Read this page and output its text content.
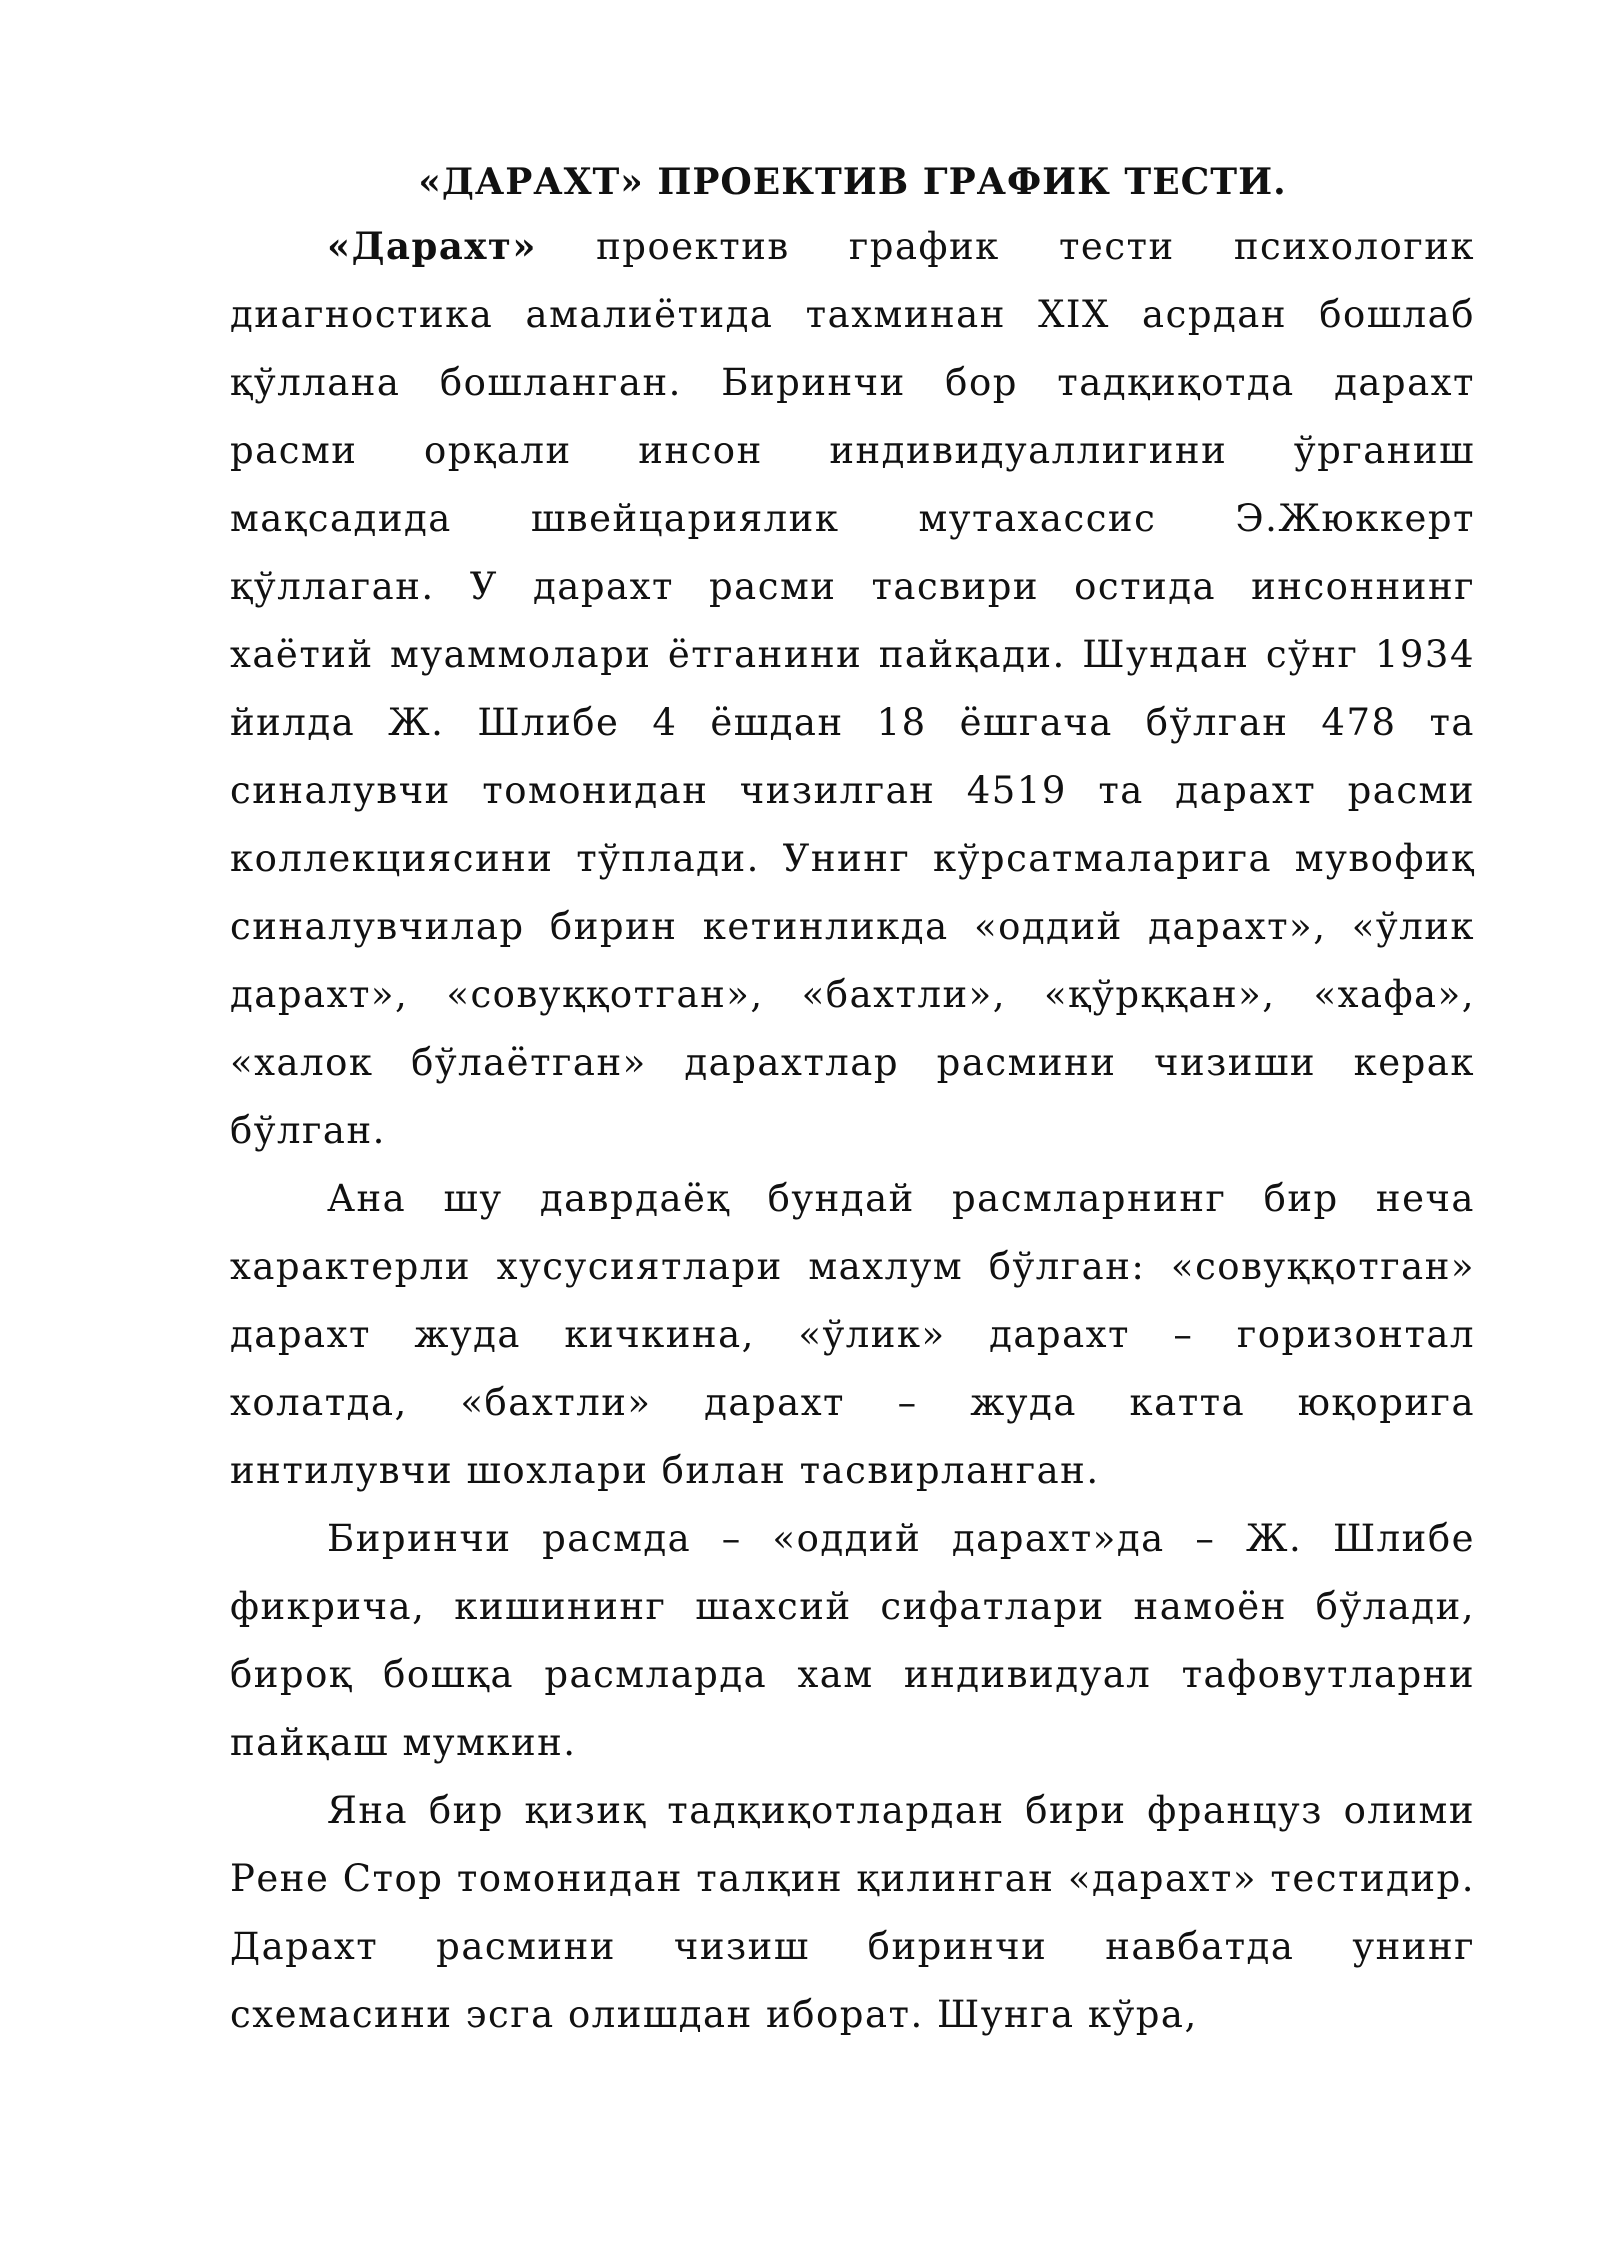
«ДАРАХТ» ПРОЕКТИВ ГРАФИК ТЕСТИ.

«Дарахт» проектив график тести психологик диагностика амалиётида тахминан XIX асрдан бошлаб қўллана бошланган. Биринчи бор тадқиқотда дарахт расми орқали инсон индивидуаллигини ўрганиш мақсадида швейцариялик мутахассис Э.Жюккерт қўллаган. У дарахт расми тасвири остида инсоннинг хаётий муаммолари ётганини пайқади. Шундан сўнг 1934 йилда Ж. Шлибе 4 ёшдан 18 ёшгача бўлган 478 та синалувчи томонидан чизилган 4519 та дарахт расми коллекциясини тўплади. Унинг кўрсатмаларига мувофиқ синалувчилар бирин кетинликда «оддий дарахт», «ўлик дарахт», «совуққотган», «бахтли», «қўрққан», «хафа», «халок бўлаётган» дарахтлар расмини чизиши керак бўлган.

Ана шу даврдаёқ бундай расмларнинг бир неча характерли хусусиятлари махлум бўлган: «совуққотган» дарахт жуда кичкина, «ўлик» дарахт – горизонтал холатда, «бахтли» дарахт – жуда катта юқорига интилувчи шохлари билан тасвирланган.

Биринчи расмда – «оддий дарахт»да – Ж. Шлибе фикрича, кишининг шахсий сифатлари намоён бўлади, бироқ бошқа расмларда хам индивидуал тафовутларни пайқаш мумкин.

Яна бир қизиқ тадқиқотлардан бири француз олими Рене Стор томонидан талқин қилинган «дарахт» тестидир. Дарахт расмини чизиш биринчи навбатда унинг схемасини эсга олишдан иборат. Шунга кўра,
